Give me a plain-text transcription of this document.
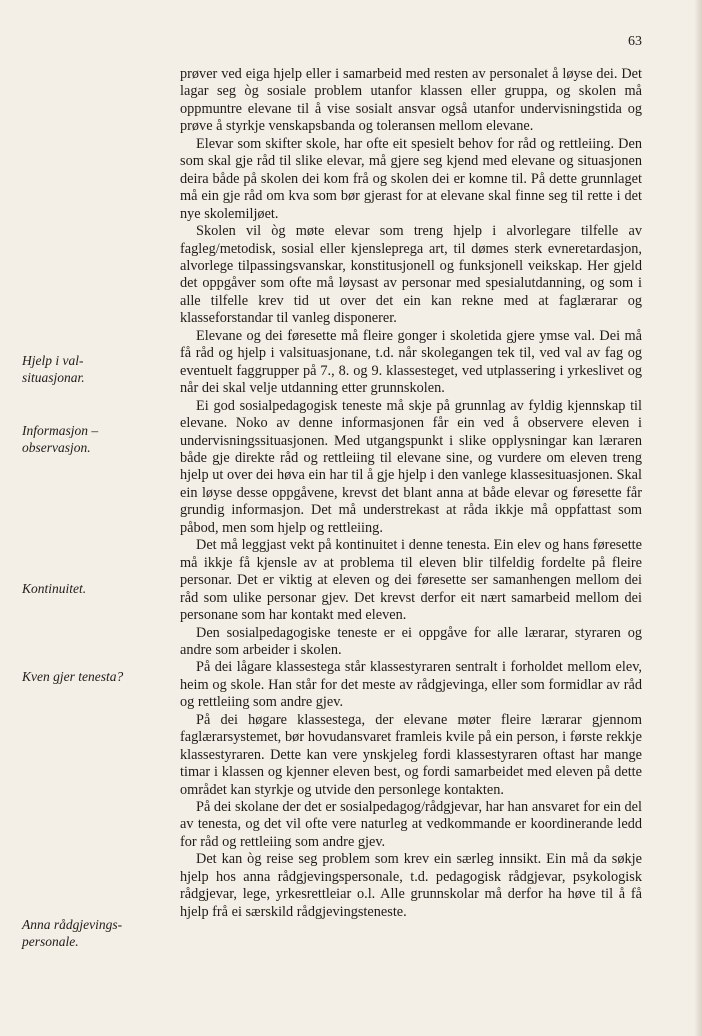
63
Hjelp i val-
situasjonar.
Informasjon –
observasjon.
Kontinuitet.
Kven gjer tenesta?
Anna rådgjevings-
personale.

prøver ved eiga hjelp eller i samarbeid med resten av personalet å løyse dei. Det lagar seg òg sosiale problem utanfor klassen eller gruppa, og skolen må oppmuntre elevane til å vise sosialt ansvar også utanfor undervisningstida og prøve å styrkje venskapsbanda og toleransen mellom elevane.

Elevar som skifter skole, har ofte eit spesielt behov for råd og rettleiing. Den som skal gje råd til slike elevar, må gjere seg kjend med elevane og situasjonen deira både på skolen dei kom frå og skolen dei er komne til. På dette grunnlaget må ein gje råd om kva som bør gjerast for at elevane skal finne seg til rette i det nye skolemiljøet.

Skolen vil òg møte elevar som treng hjelp i alvorlegare tilfelle av fagleg/metodisk, sosial eller kjenslepregа art, til dømes sterk evneretardasjon, alvorlege tilpassingsvanskar, konstitusjonell og funksjonell veikskap. Her gjeld det oppgåver som ofte må løysast av personar med spesialutdanning, og som i alle tilfelle krev tid ut over det ein kan rekne med at faglærarar og klasseforstandar til vanleg disponerer.

Elevane og dei føresette må fleire gonger i skoletida gjere ymse val. Dei må få råd og hjelp i valsituasjonane, t.d. når skolegangen tek til, ved val av fag og eventuelt faggrupper på 7., 8. og 9. klassesteget, ved utplassering i yrkeslivet og når dei skal velje utdanning etter grunnskolen.

Ei god sosialpedagogisk teneste må skje på grunnlag av fyldig kjennskap til elevane. Noko av denne informasjonen får ein ved å observere eleven i undervisningssituasjonen. Med utgangspunkt i slike opplysningar kan læraren både gje direkte råd og rettleiing til elevane sine, og vurdere om eleven treng hjelp ut over dei høva ein har til å gje hjelp i den vanlege klassesituasjonen. Skal ein løyse desse oppgåvene, krevst det blant anna at både elevar og føresette får grundig informasjon. Det må understrekast at råda ikkje må oppfattast som påbod, men som hjelp og rettleiing.

Det må leggjast vekt på kontinuitet i denne tenesta. Ein elev og hans føresette må ikkje få kjensle av at problema til eleven blir tilfeldig fordelte på fleire personar. Det er viktig at eleven og dei føresette ser samanhengen mellom dei råd som ulike personar gjev. Det krevst derfor eit nært samarbeid mellom dei personane som har kontakt med eleven.

Den sosialpedagogiske teneste er ei oppgåve for alle lærarar, styraren og andre som arbeider i skolen.

På dei lågare klassestega står klassestyraren sentralt i forholdet mellom elev, heim og skole. Han står for det meste av rådgjevinga, eller som formidlar av råd og rettleiing som andre gjev.

På dei høgare klassestega, der elevane møter fleire lærarar gjennom faglærarsystemet, bør hovudansvaret framleis kvile på ein person, i første rekkje klassestyraren. Dette kan vere ynskjeleg fordi klassestyraren oftast har mange timar i klassen og kjenner eleven best, og fordi samarbeidet med eleven på dette området kan styrkje og utvide den personlege kontakten.

På dei skolane der det er sosialpedagog/rådgjevar, har han ansvaret for ein del av tenesta, og det vil ofte vere naturleg at vedkommande er koordinerande ledd for råd og rettleiing som andre gjev.

Det kan òg reise seg problem som krev ein særleg innsikt. Ein må da søkje hjelp hos anna rådgjevingspersonale, t.d. pedagogisk rådgjevar, psykologisk rådgjevar, lege, yrkesrettleiar o.l. Alle grunnskolar må derfor ha høve til å få hjelp frå ei særskild rådgjevingsteneste.
